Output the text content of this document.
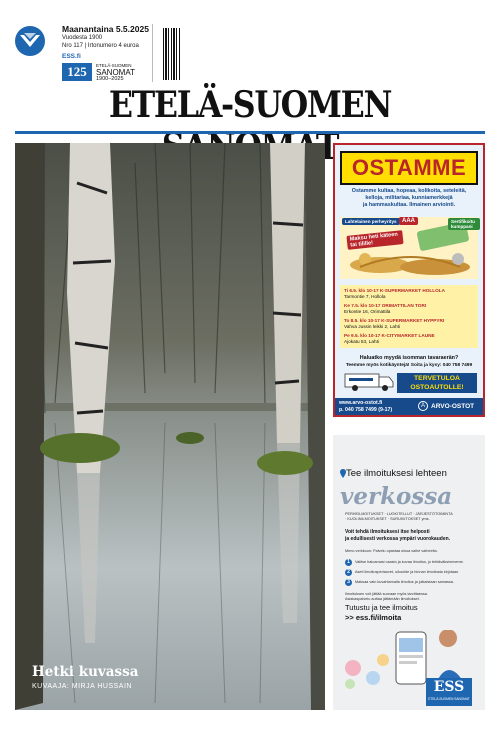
Maanantaina 5.5.2025
Vuodesta 1900
Nro 117 | Irtonumero 4 euroa
ESS.fi
125	ETELÄ-SUOMEN
SANOMAT
1900–2025
ETELÄ-SUOMEN
Hetki kuvassa
KUVAAJA: MIRJA HUSSAIN
OSTAMME
Ostamme kultaa, hopeaa, kolikoita, seteleitä,
kelloja, militariaa, kunniamerkkejä
ja hammaskultaa. Ilmainen arviointi.
Lahtelainen perheyritys AAA	Sertifikoitu kumppani
Maksu heti käteen tai tilille!
Ti 6.5. klo 10-17 K-SUPERMARKET HOLLOLA
Tarmontie 7, Hollola
Ke 7.5. klo 10-17 ORIMATTILAN TORI
Erkontie 16, Orimattila
To 8.5. klo 10-17 K-SUPERMARKET HYPPYRI
Vahva Jussin leikki 2, Lahti
Pe 9.5. klo 10-17 K-CITYMARKET LAUNE
Ajokatu 53, Lahti
Haluatko myydä isomman tavaraerän?
Teemme myös kotikäyntejä! Soita ja kysy: 040 758 7499
TERVETULOA
OSTOAUTOLLE!
www.arvo-ostot.fi
p. 040 758 7499 (9-17)
A ARVO-OSTOT
Tee ilmoituksesi lehteen
verkossa
PERHEILMOITUKSET · LUOKITELLUT · JÄRJESTÖTOIMINTA
· KUOLINILMOITUKSET · SURUKIITOKSET yms.
Voit tehdä ilmoituksesi itse helposti
ja edullisesti verkossa ympäri vuorokauden.
Meno verkkoon: Palvelu opastaa sinua vaihe vaiheelta.
1	Valitse haluamasi osasto ja kuvaa ilmoitus, jo tehtäväksimmeme.
2	Aseti ilmoitusperiaovet, uikoolde ja hinnan ilmoitusta kirjotaan.
3	Maksaa vain kuvahtamalla ilmoitus ja julkaistaan samassa.
Ilmoituksen voit jättää suoraan myös tarvittaessa.
Asiakaspalvelu auttaa jättämään ilmoitukset.
Tutustu ja tee ilmoitus
>> ess.fi/ilmoita
ESS
ETELÄ-SUOMEN SANOMAT
